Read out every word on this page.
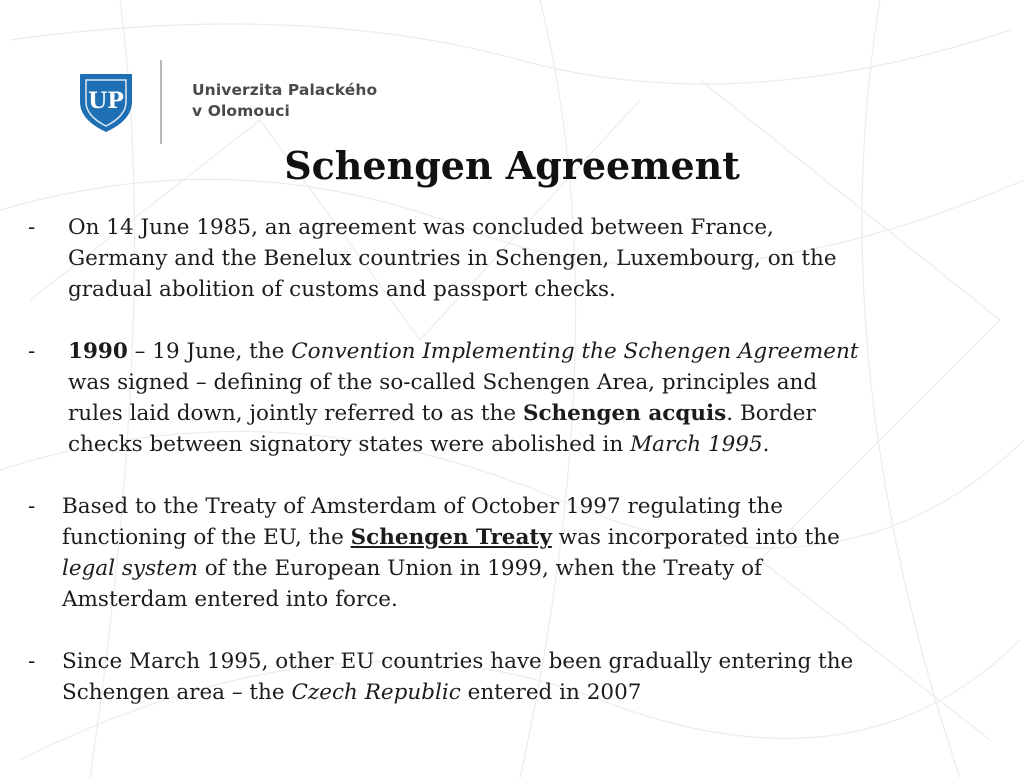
UP	Univerzita Palackého
v Olomouci
Schengen Agreement
-	On 14 June 1985, an agreement was concluded between France,
Germany and the Benelux countries in Schengen, Luxembourg, on the
gradual abolition of customs and passport checks.
-	1990 – 19 June, the Convention Implementing the Schengen Agreement
was signed – defining of the so-called Schengen Area, principles and
rules laid down, jointly referred to as the Schengen acquis. Border
checks between signatory states were abolished in March 1995.
-	Based to the Treaty of Amsterdam of October 1997 regulating the
functioning of the EU, the Schengen Treaty was incorporated into the
legal system of the European Union in 1999, when the Treaty of
Amsterdam entered into force.
-	Since March 1995, other EU countries have been gradually entering the
Schengen area – the Czech Republic entered in 2007
